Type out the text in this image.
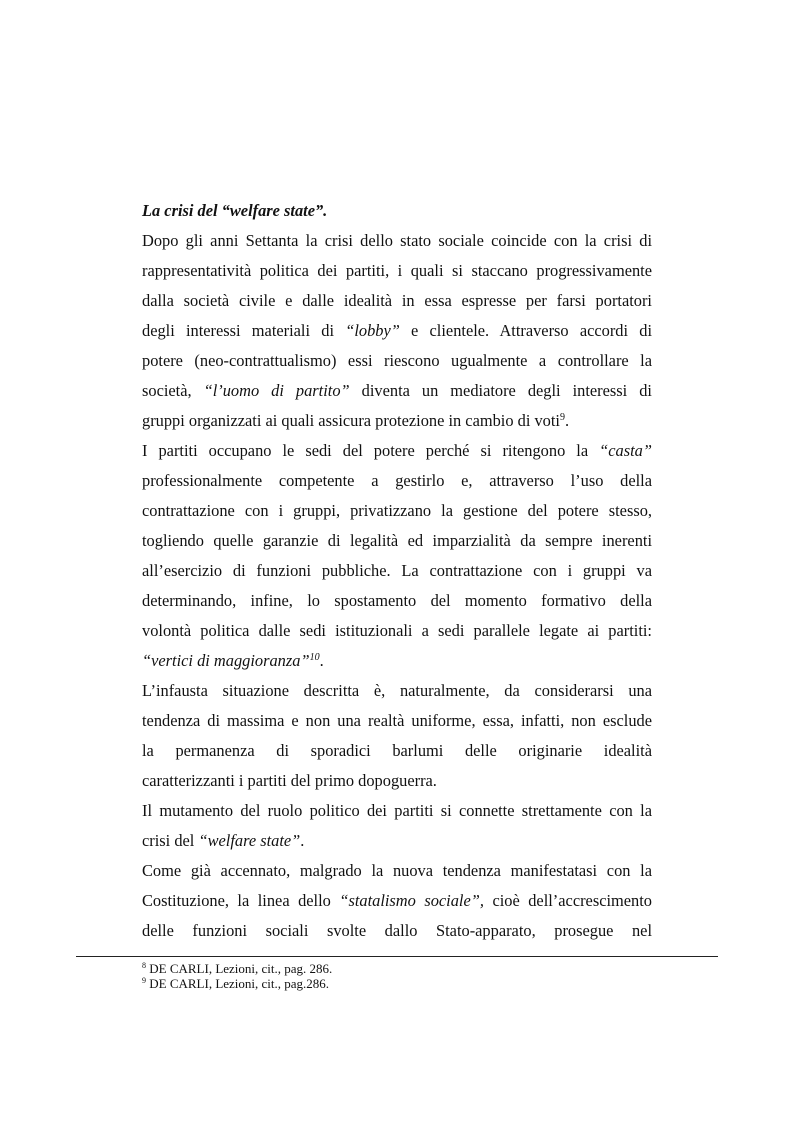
La crisi del “welfare state”.
Dopo gli anni Settanta la crisi dello stato sociale coincide con la crisi di
rappresentatività politica dei partiti, i quali si staccano progressivamente
dalla società civile e dalle idealità in essa espresse per farsi portatori
degli interessi materiali di “lobby” e clientele. Attraverso accordi di
potere (neo-contrattualismo) essi riescono ugualmente a controllare la
società, “l’uomo di partito” diventa un mediatore degli interessi di
gruppi organizzati ai quali assicura protezione in cambio di voti$^9$.
I partiti occupano le sedi del potere perché si ritengono la “casta”
professionalmente competente a gestirlo e, attraverso l’uso della
contrattazione con i gruppi, privatizzano la gestione del potere stesso,
togliendo quelle garanzie di legalità ed imparzialità da sempre inerenti
all’esercizio di funzioni pubbliche. La contrattazione con i gruppi va
determinando, infine, lo spostamento del momento formativo della
volontà politica dalle sedi istituzionali a sedi parallele legate ai partiti:
“vertici di maggioranza”$^{10}$.
L’infausta situazione descritta è, naturalmente, da considerarsi una
tendenza di massima e non una realtà uniforme, essa, infatti, non esclude
la permanenza di sporadici barlumi delle originarie idealità
caratterizzanti i partiti del primo dopoguerra.
Il mutamento del ruolo politico dei partiti si connette strettamente con la
crisi del “welfare state”.
Come già accennato, malgrado la nuova tendenza manifestatasi con la
Costituzione, la linea dello “statalismo sociale”, cioè dell’accrescimento
delle funzioni sociali svolte dallo Stato-apparato, prosegue nel
$^8$ DE CARLI, Lezioni, cit., pag. 286.
$^9$ DE CARLI, Lezioni, cit., pag.286.
